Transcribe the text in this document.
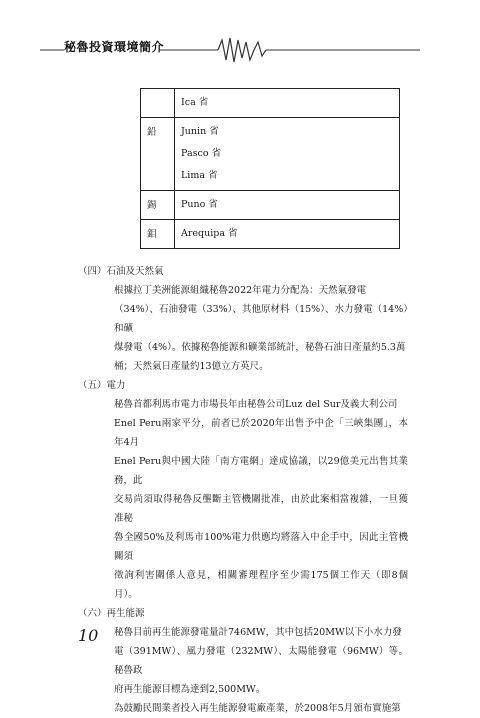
秘魯投資環境簡介

	Ica 省

鉛	Junin 省
Pasco 省
Lima 省

錫	Puno 省

鉬	Arequipa 省
（四）石油及天然氣
根據拉丁美洲能源組織秘魯2022年電力分配為：天然氣發電
（34%）、石油發電（33%）、其他原材料（15%）、水力發電（14%）和礦
煤發電（4%）。依據秘魯能源和礦業部統計，秘魯石油日產量約5.3萬
桶；天然氣日產量約13億立方英尺。
（五）電力
秘魯首都利馬市電力市場長年由秘魯公司Luz del Sur及義大利公司
Enel Peru兩家平分，前者已於2020年出售予中企「三峽集團」，本年4月
Enel Peru與中國大陸「南方電網」達成協議，以29億美元出售其業務，此
交易尚須取得秘魯反壟斷主管機關批准，由於此案相當複雜，一旦獲准秘
魯全國50%及利馬市100%電力供應均將落入中企手中，因此主管機關須
徵詢利害關係人意見，相關審理程序至少需175個工作天（即8個月）。
（六）再生能源
秘魯目前再生能源發電量計746MW，其中包括20MW以下小水力發
電（391MW）、風力發電（232MW）、太陽能發電（96MW）等。秘魯政
府再生能源目標為達到2,500MW。
為鼓勵民間業者投入再生能源發電廠產業，於2008年5月頒布實施第
10
